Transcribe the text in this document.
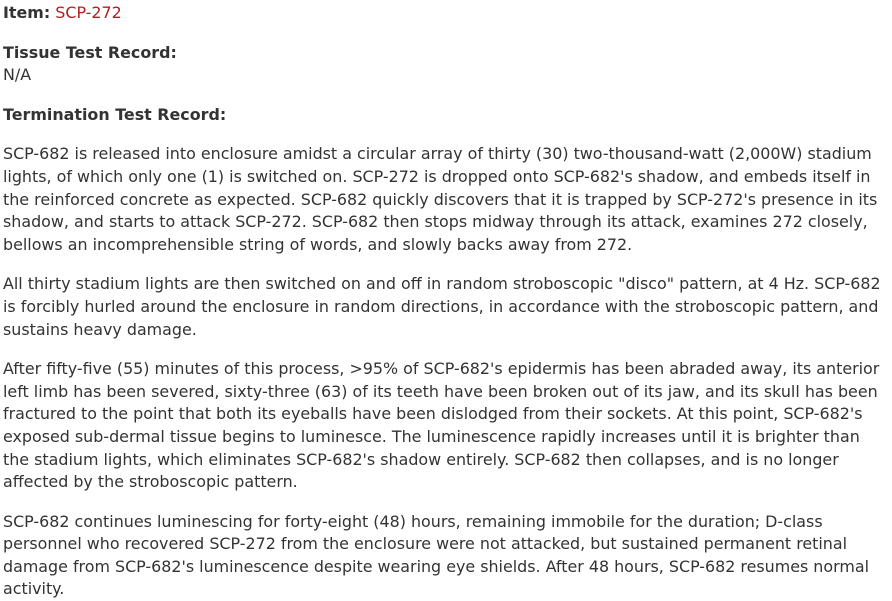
Item: SCP-272
Tissue Test Record:
N/A
Termination Test Record:

SCP-682 is released into enclosure amidst a circular array of thirty (30) two-thousand-watt (2,000W) stadium lights, of which only one (1) is switched on. SCP-272 is dropped onto SCP-682's shadow, and embeds itself in the reinforced concrete as expected. SCP-682 quickly discovers that it is trapped by SCP-272's presence in its shadow, and starts to attack SCP-272. SCP-682 then stops midway through its attack, examines 272 closely, bellows an incomprehensible string of words, and slowly backs away from 272.

All thirty stadium lights are then switched on and off in random stroboscopic "disco" pattern, at 4 Hz. SCP-682 is forcibly hurled around the enclosure in random directions, in accordance with the stroboscopic pattern, and sustains heavy damage.

After fifty-five (55) minutes of this process, >95% of SCP-682's epidermis has been abraded away, its anterior left limb has been severed, sixty-three (63) of its teeth have been broken out of its jaw, and its skull has been fractured to the point that both its eyeballs have been dislodged from their sockets. At this point, SCP-682's exposed sub-dermal tissue begins to luminesce. The luminescence rapidly increases until it is brighter than the stadium lights, which eliminates SCP-682's shadow entirely. SCP-682 then collapses, and is no longer affected by the stroboscopic pattern.

SCP-682 continues luminescing for forty-eight (48) hours, remaining immobile for the duration; D-class personnel who recovered SCP-272 from the enclosure were not attacked, but sustained permanent retinal damage from SCP-682's luminescence despite wearing eye shields. After 48 hours, SCP-682 resumes normal activity.
